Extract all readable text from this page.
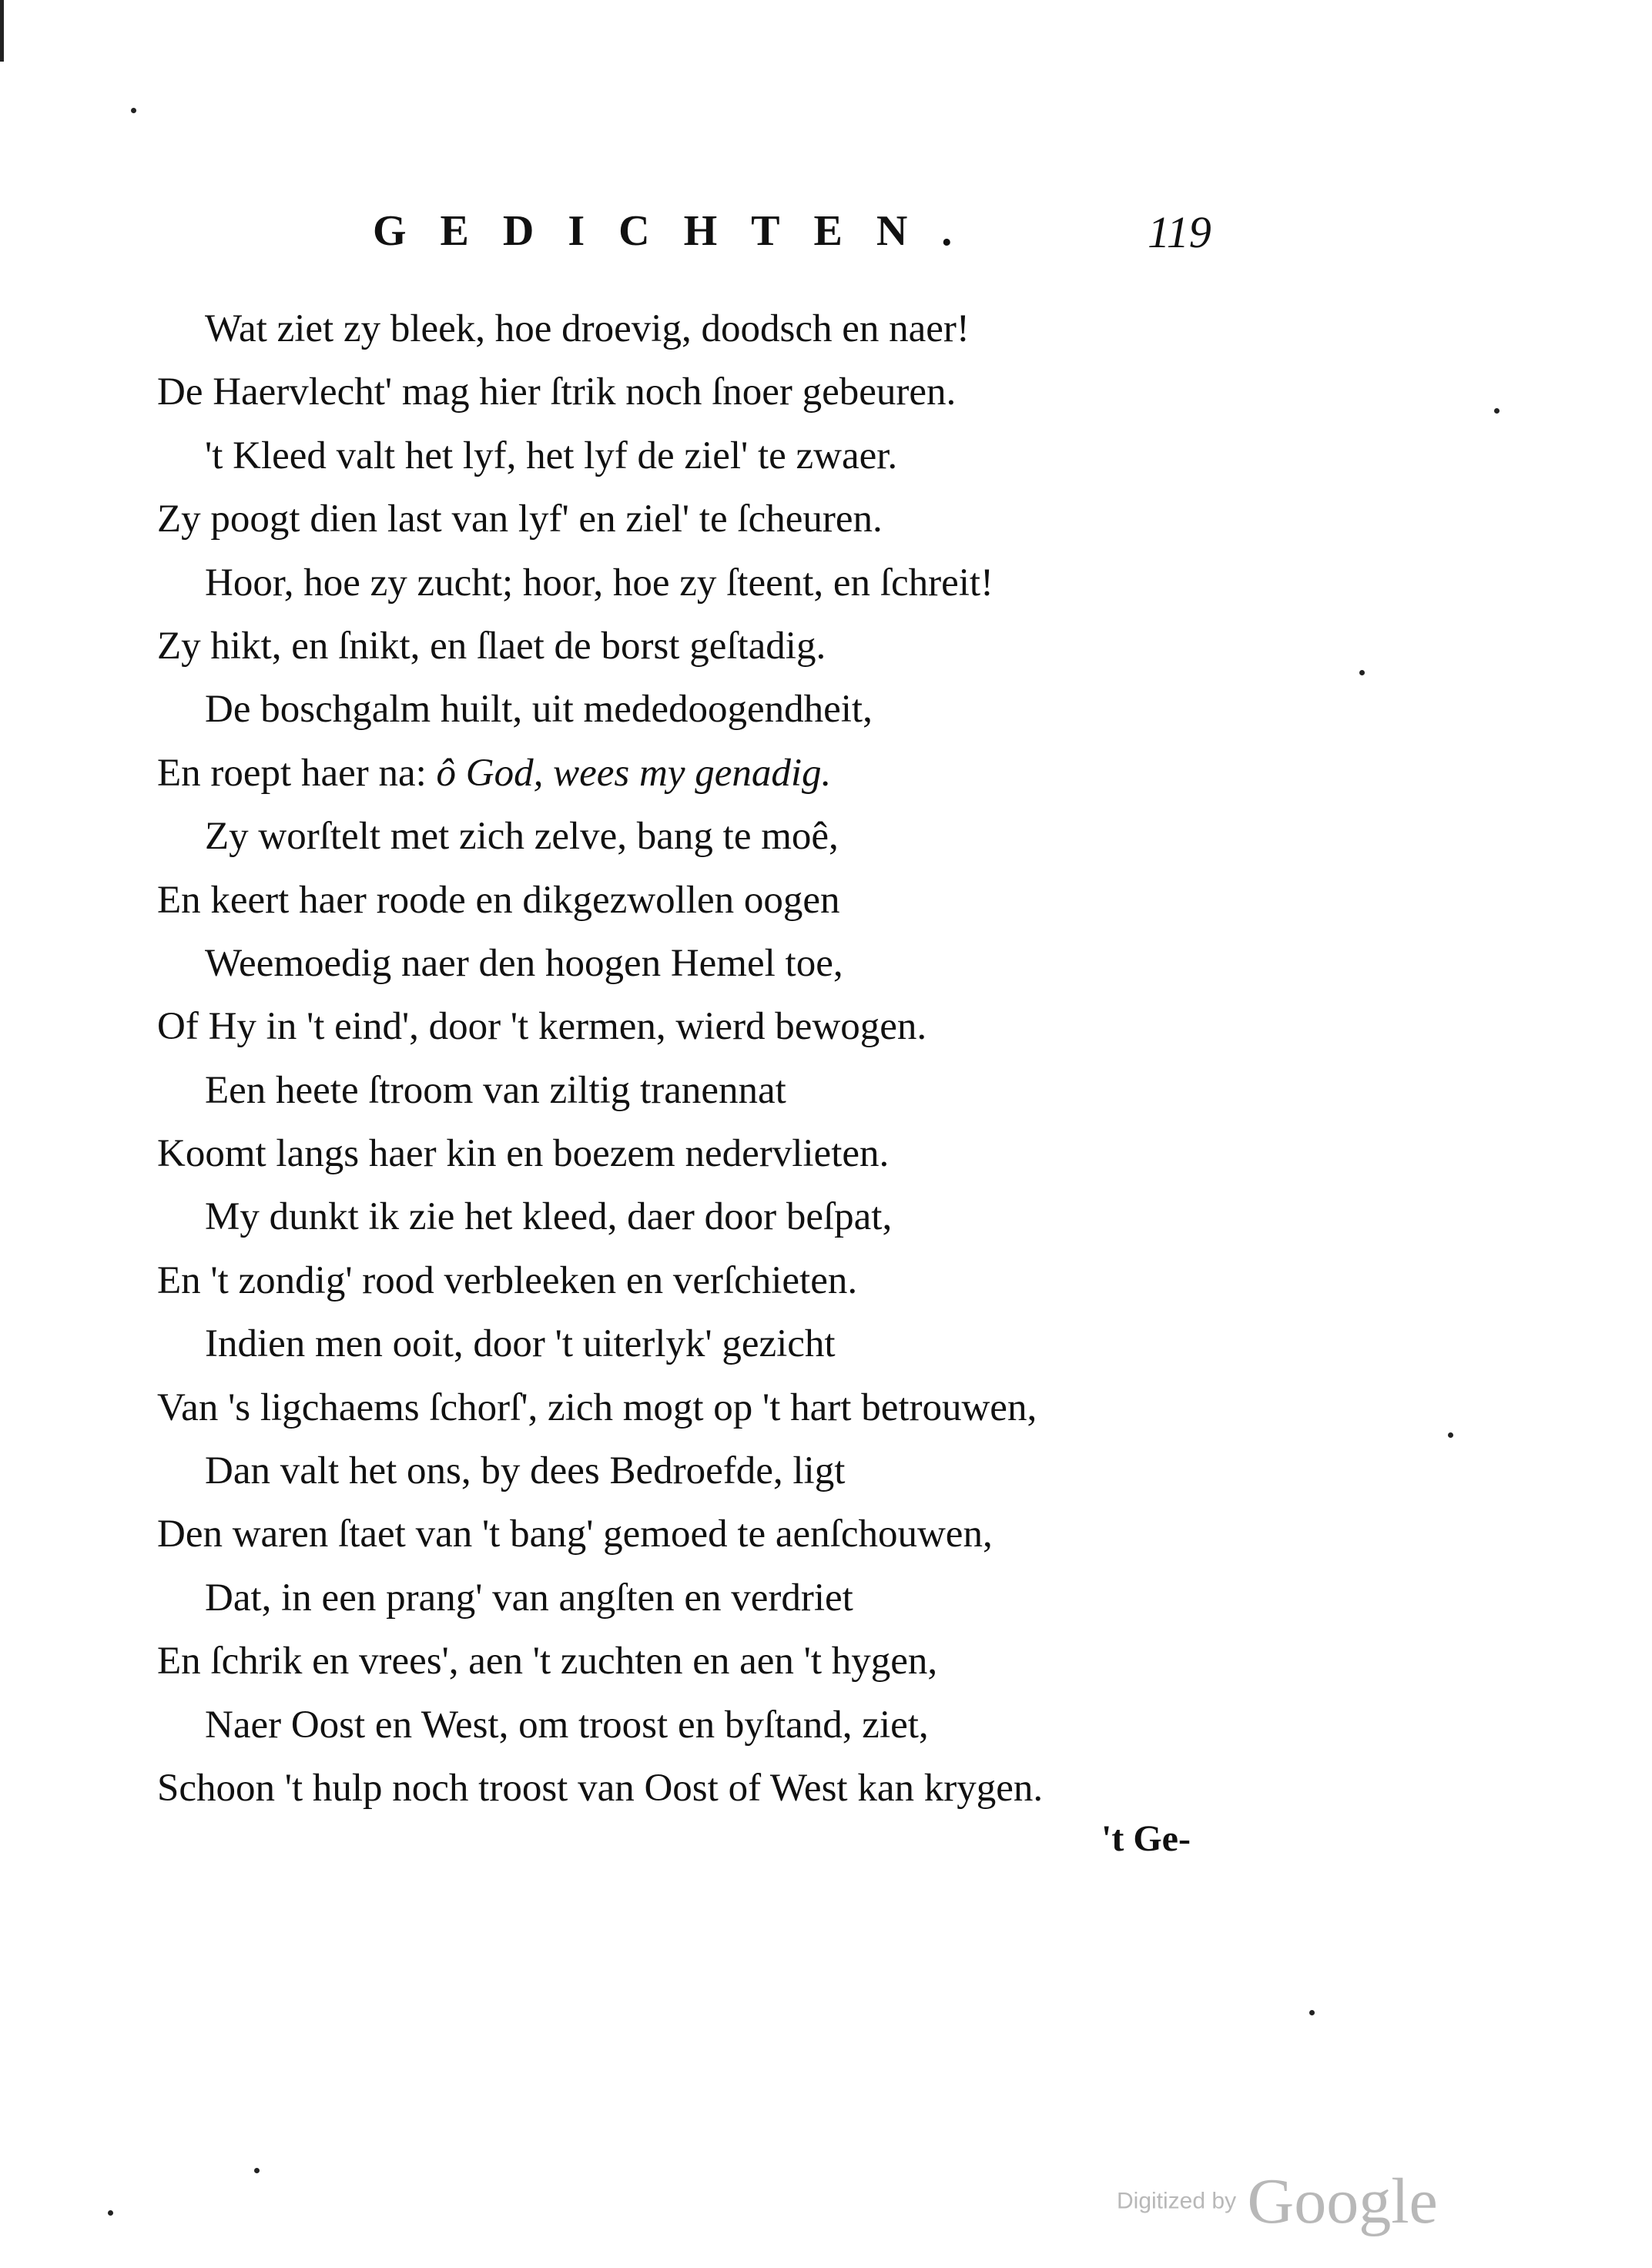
GEDICHTEN.	119
Wat ziet zy bleek, hoe droevig, doodsch en naer!
De Haervlecht' mag hier ſtrik noch ſnoer gebeuren.
't Kleed valt het lyf, het lyf de ziel' te zwaer.
Zy poogt dien last van lyf' en ziel' te ſcheuren.
Hoor, hoe zy zucht; hoor, hoe zy ſteent, en ſchreit!
Zy hikt, en ſnikt, en ſlaet de borst geſtadig.
De boschgalm huilt, uit mededoogendheit,
En roept haer na: ô God, wees my genadig.
Zy worſtelt met zich zelve, bang te moê,
En keert haer roode en dikgezwollen oogen
Weemoedig naer den hoogen Hemel toe,
Of Hy in 't eind', door 't kermen, wierd bewogen.
Een heete ſtroom van ziltig tranennat
Koomt langs haer kin en boezem nedervlieten.
My dunkt ik zie het kleed, daer door beſpat,
En 't zondig' rood verbleeken en verſchieten.
Indien men ooit, door 't uiterlyk' gezicht
Van 's ligchaems ſchorſ', zich mogt op 't hart betrouwen,
Dan valt het ons, by dees Bedroefde, ligt
Den waren ſtaet van 't bang' gemoed te aenſchouwen,
Dat, in een prang' van angſten en verdriet
En ſchrik en vrees', aen 't zuchten en aen 't hygen,
Naer Oost en West, om troost en byſtand, ziet,
Schoon 't hulp noch troost van Oost of West kan krygen.
't Ge-
Digitized by Google
